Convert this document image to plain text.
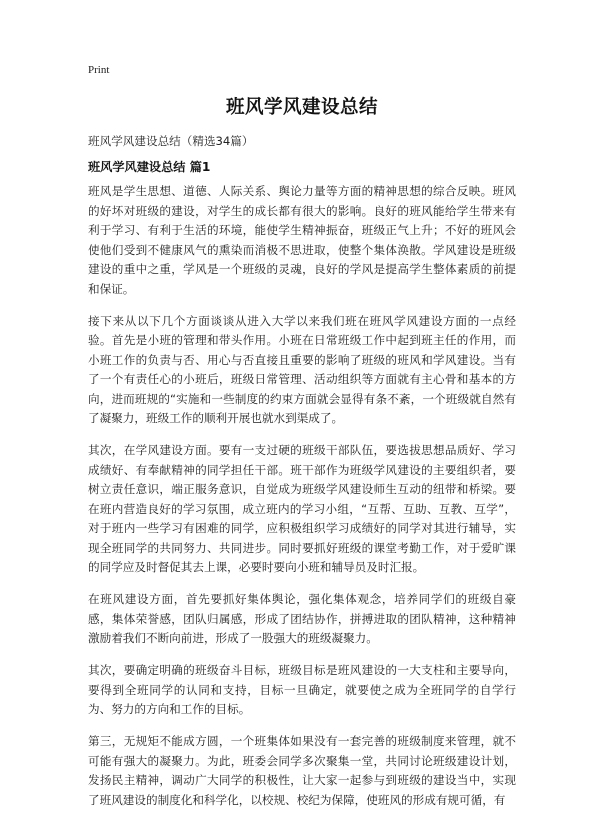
Print
班风学风建设总结
班风学风建设总结（精选34篇）
班风学风建设总结 篇1

班风是学生思想、道德、人际关系、舆论力量等方面的精神思想的综合反映。班风的好坏对班级的建设，对学生的成长都有很大的影响。良好的班风能给学生带来有利于学习、有利于生活的环境，能使学生精神振奋，班级正气上升；不好的班风会使他们受到不健康风气的熏染而消极不思进取，使整个集体涣散。学风建设是班级建设的重中之重，学风是一个班级的灵魂，良好的学风是提高学生整体素质的前提和保证。

接下来从以下几个方面谈谈从进入大学以来我们班在班风学风建设方面的一点经验。首先是小班的管理和带头作用。小班在日常班级工作中起到班主任的作用，而小班工作的负责与否、用心与否直接且重要的影响了班级的班风和学风建设。当有了一个有责任心的小班后，班级日常管理、活动组织等方面就有主心骨和基本的方向，进而班规的“实施和一些制度的约束方面就会显得有条不紊，一个班级就自然有了凝聚力，班级工作的顺利开展也就水到渠成了。

其次，在学风建设方面。要有一支过硬的班级干部队伍，要选拔思想品质好、学习成绩好、有奉献精神的同学担任干部。班干部作为班级学风建设的主要组织者，要树立责任意识，端正服务意识，自觉成为班级学风建设师生互动的纽带和桥梁。要在班内营造良好的学习氛围，成立班内的学习小组，“互帮、互助、互教、互学”，对于班内一些学习有困难的同学，应积极组织学习成绩好的同学对其进行辅导，实现全班同学的共同努力、共同进步。同时要抓好班级的课堂考勤工作，对于爱旷课的同学应及时督促其去上课，必要时要向小班和辅导员及时汇报。

在班风建设方面，首先要抓好集体舆论，强化集体观念，培养同学们的班级自豪感，集体荣誉感，团队归属感，形成了团结协作，拼搏进取的团队精神，这种精神激励着我们不断向前进，形成了一股强大的班级凝聚力。

其次，要确定明确的班级奋斗目标，班级目标是班风建设的一大支柱和主要导向，要得到全班同学的认同和支持，目标一旦确定，就要使之成为全班同学的自学行为、努力的方向和工作的目标。

第三，无规矩不能成方圆，一个班集体如果没有一套完善的班级制度来管理，就不可能有强大的凝聚力。为此，班委会同学多次聚集一堂，共同讨论班级建设计划，发扬民主精神，调动广大同学的积极性，让大家一起参与到班级的建设当中，实现了班风建设的制度化和科学化，以校规、校纪为保障，使班风的形成有规可循，有
